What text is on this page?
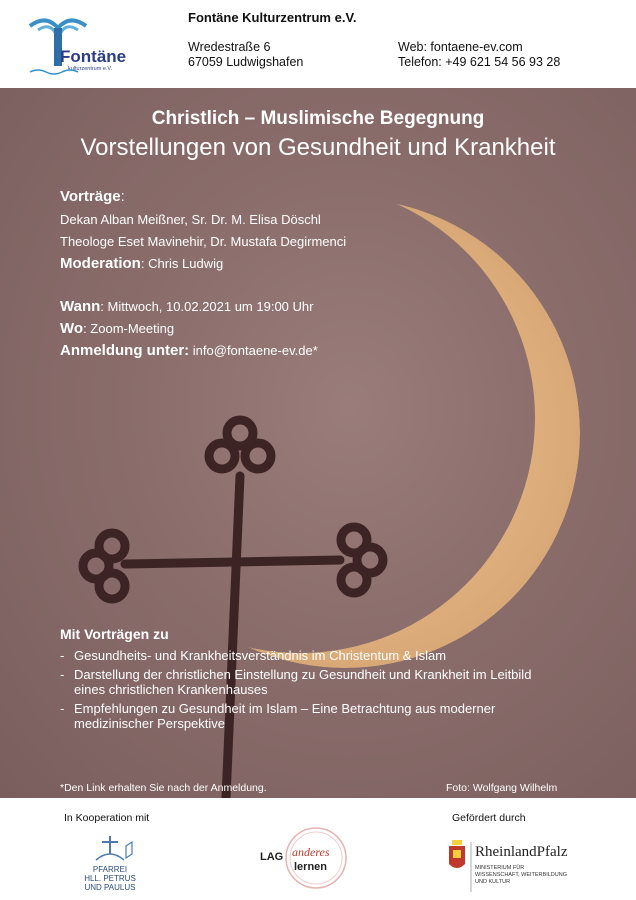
Fontäne
kulturzentrum e.V.
Fontäne Kulturzentrum e.V.
Wredestraße 6
67059 Ludwigshafen
Web: fontaene-ev.com
Telefon: +49 621 54 56 93 28
Christlich – Muslimische Begegnung
Vorstellungen von Gesundheit und Krankheit
Vorträge:
Dekan Alban Meißner, Sr. Dr. M. Elisa Döschl
Theologe Eset Mavinehir, Dr. Mustafa Degirmenci
Moderation: Chris Ludwig
Wann: Mittwoch, 10.02.2021 um 19:00 Uhr
Wo: Zoom-Meeting
Anmeldung unter: info@fontaene-ev.de*
Mit Vorträgen zu
- Gesundheits- und Krankheitsverständnis im Christentum & Islam
- Darstellung der christlichen Einstellung zu Gesundheit und Krankheit im Leitbild eines christlichen Krankenhauses
- Empfehlungen zu Gesundheit im Islam – Eine Betrachtung aus moderner medizinischer Perspektive
*Den Link erhalten Sie nach der Anmeldung.	Foto: Wolfgang Wilhelm
In Kooperation mit	Gefördert durch
PFARREI
HLL. PETRUS
UND PAULUS
LAG anderes
lernen
RheinlandPfalz
MINISTERIUM FÜR
WISSENSCHAFT, WEITERBILDUNG
UND KULTUR
